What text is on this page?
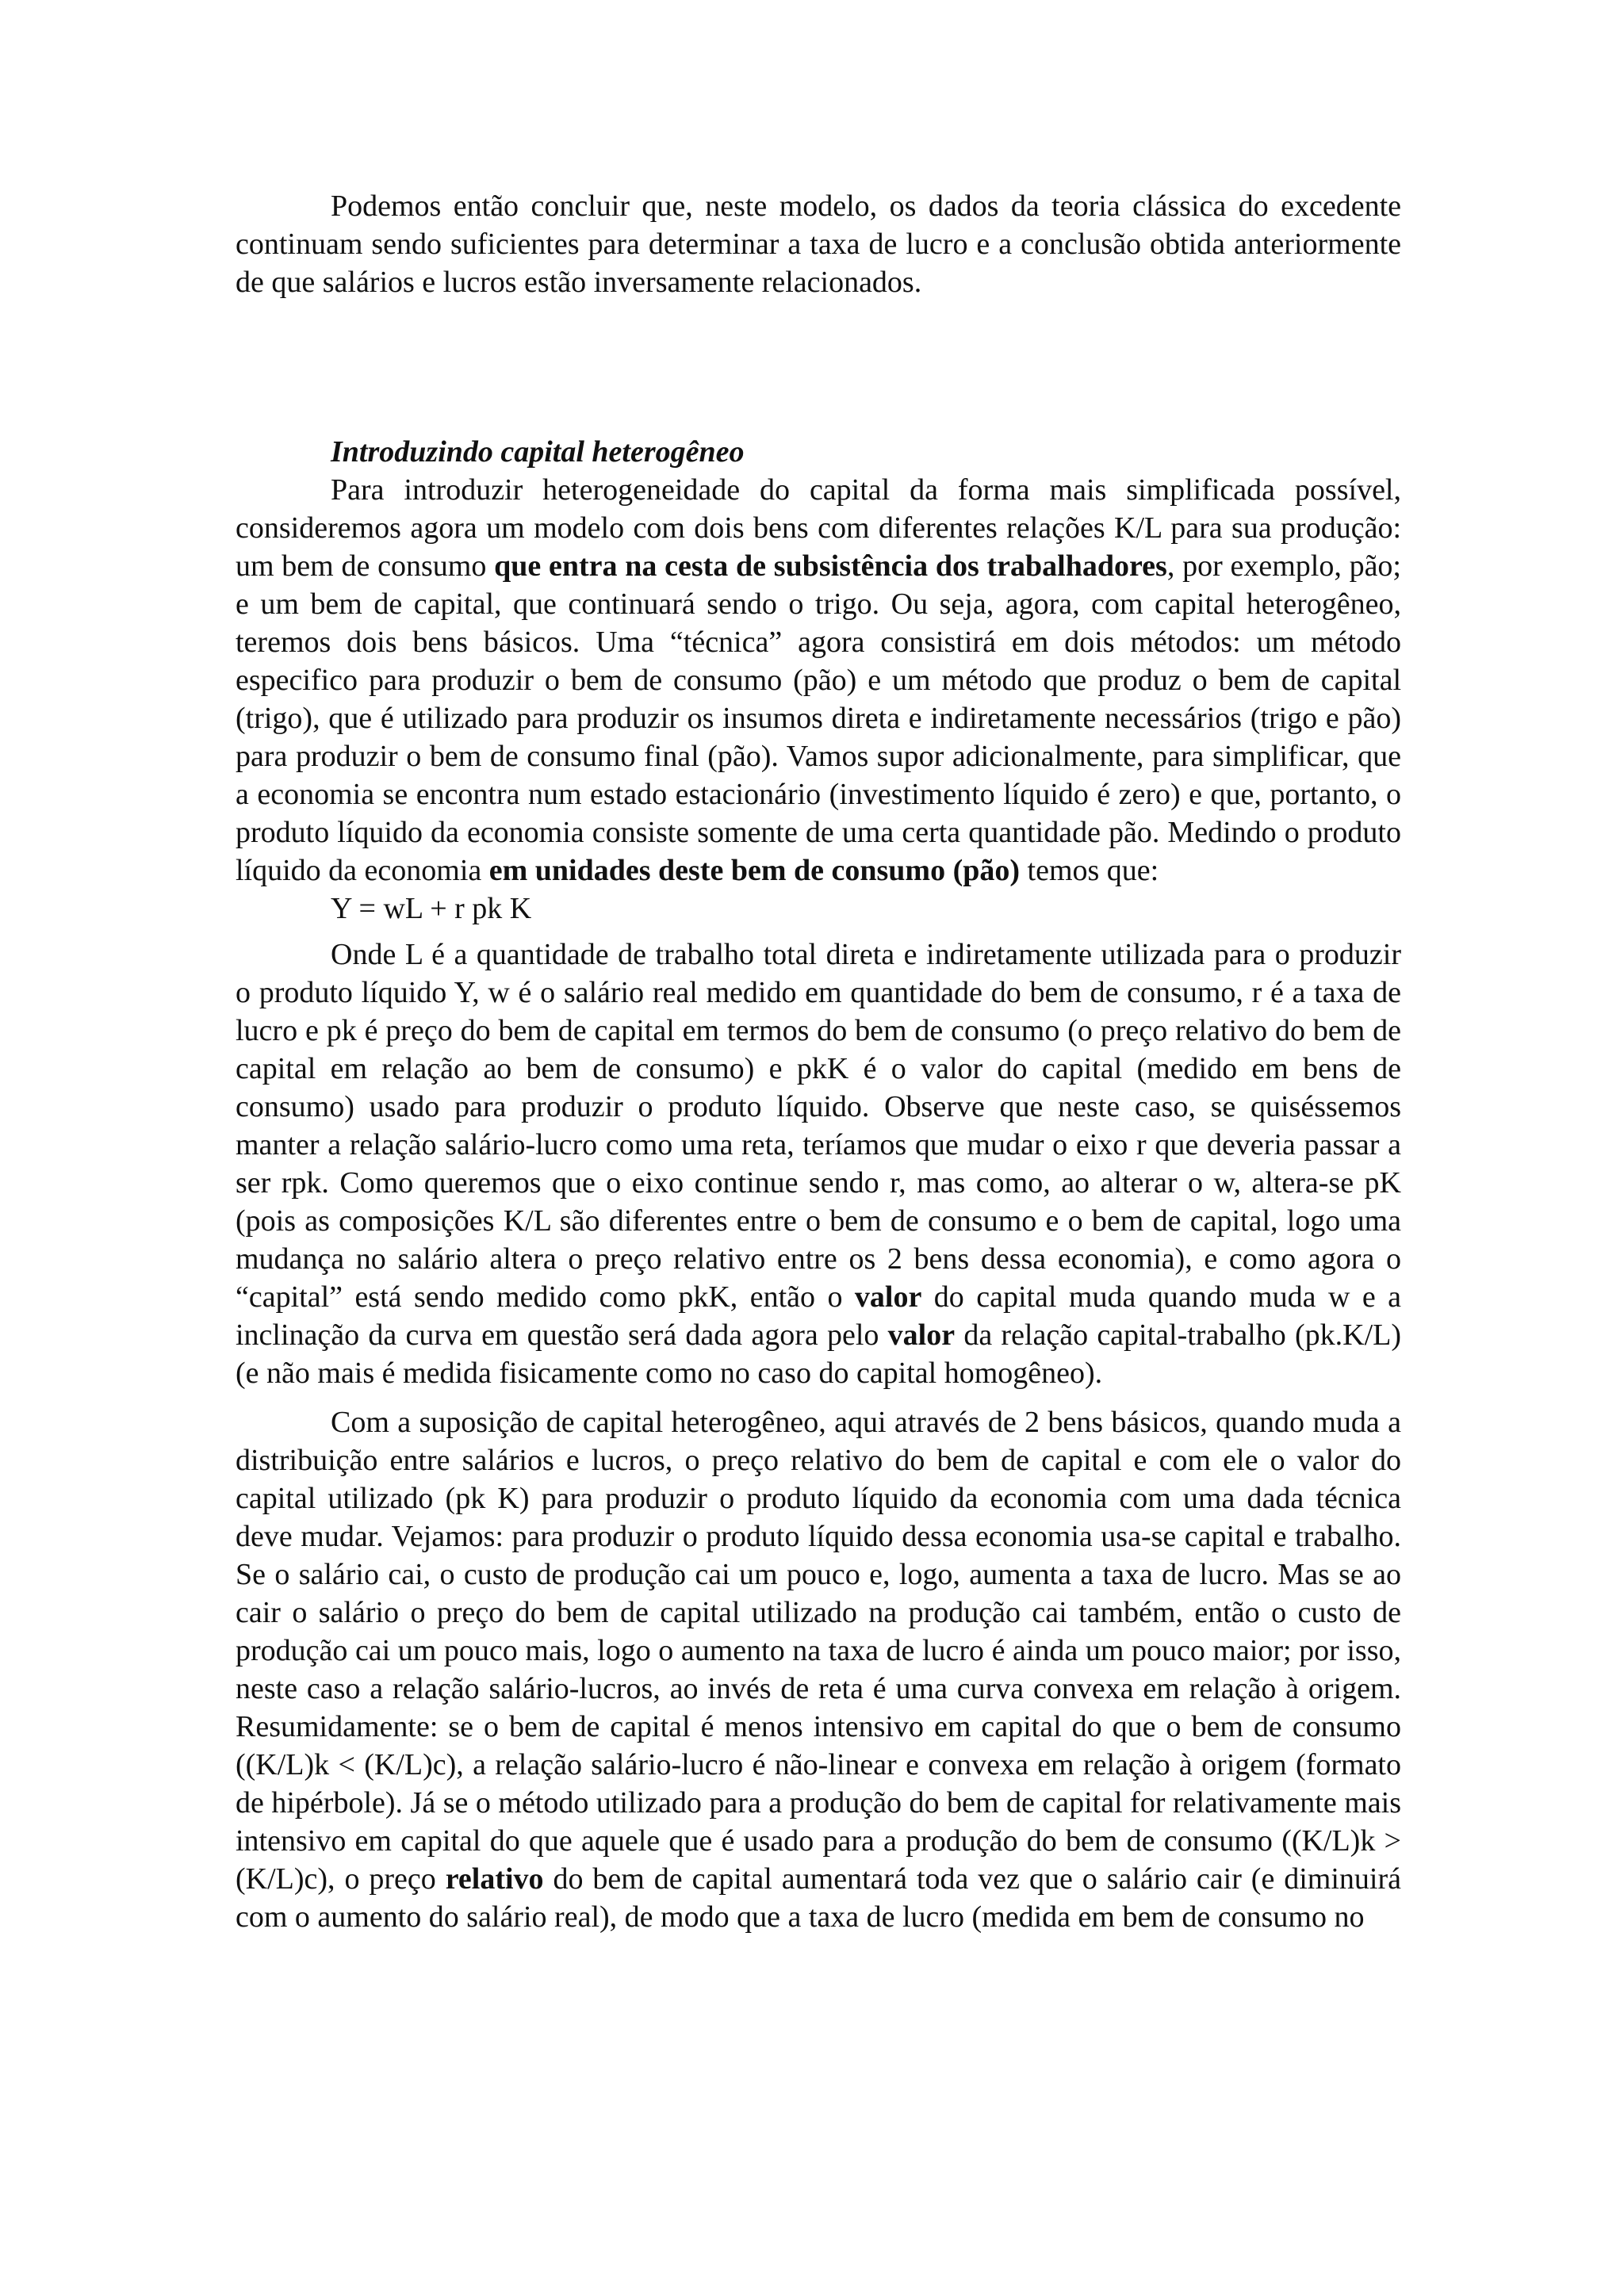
Podemos então concluir que, neste modelo, os dados da teoria clássica do excedente continuam sendo suficientes para determinar a taxa de lucro e a conclusão obtida anteriormente de que salários e lucros estão inversamente relacionados.

Introduzindo capital heterogêneo

Para introduzir heterogeneidade do capital da forma mais simplificada possível, consideremos agora um modelo com dois bens com diferentes relações K/L para sua produção: um bem de consumo que entra na cesta de subsistência dos trabalhadores, por exemplo, pão; e um bem de capital, que continuará sendo o trigo. Ou seja, agora, com capital heterogêneo, teremos dois bens básicos. Uma “técnica” agora consistirá em dois métodos: um método especifico para produzir o bem de consumo (pão) e um método que produz o bem de capital (trigo), que é utilizado para produzir os insumos direta e indiretamente necessários (trigo e pão) para produzir o bem de consumo final (pão). Vamos supor adicionalmente, para simplificar, que a economia se encontra num estado estacionário (investimento líquido é zero) e que, portanto, o produto líquido da economia consiste somente de uma certa quantidade pão. Medindo o produto líquido da economia em unidades deste bem de consumo (pão) temos que:

Y = wL + r pk K

Onde L é a quantidade de trabalho total direta e indiretamente utilizada para o produzir o produto líquido Y, w é o salário real medido em quantidade do bem de consumo, r é a taxa de lucro e pk é preço do bem de capital em termos do bem de consumo (o preço relativo do bem de capital em relação ao bem de consumo) e pkK é o valor do capital (medido em bens de consumo) usado para produzir o produto líquido. Observe que neste caso, se quiséssemos manter a relação salário-lucro como uma reta, teríamos que mudar o eixo r que deveria passar a ser rpk. Como queremos que o eixo continue sendo r, mas como, ao alterar o w, altera-se pK (pois as composições K/L são diferentes entre o bem de consumo e o bem de capital, logo uma mudança no salário altera o preço relativo entre os 2 bens dessa economia), e como agora o “capital” está sendo medido como pkK, então o valor do capital muda quando muda w e a inclinação da curva em questão será dada agora pelo valor da relação capital-trabalho (pk.K/L) (e não mais é medida fisicamente como no caso do capital homogêneo).

Com a suposição de capital heterogêneo, aqui através de 2 bens básicos, quando muda a distribuição entre salários e lucros, o preço relativo do bem de capital e com ele o valor do capital utilizado (pk K) para produzir o produto líquido da economia com uma dada técnica deve mudar. Vejamos: para produzir o produto líquido dessa economia usa-se capital e trabalho. Se o salário cai, o custo de produção cai um pouco e, logo, aumenta a taxa de lucro. Mas se ao cair o salário o preço do bem de capital utilizado na produção cai também, então o custo de produção cai um pouco mais, logo o aumento na taxa de lucro é ainda um pouco maior; por isso, neste caso a relação salário-lucros, ao invés de reta é uma curva convexa em relação à origem. Resumidamente: se o bem de capital é menos intensivo em capital do que o bem de consumo ((K/L)k < (K/L)c), a relação salário-lucro é não-linear e convexa em relação à origem (formato de hipérbole). Já se o método utilizado para a produção do bem de capital for relativamente mais intensivo em capital do que aquele que é usado para a produção do bem de consumo ((K/L)k > (K/L)c), o preço relativo do bem de capital aumentará toda vez que o salário cair (e diminuirá com o aumento do salário real), de modo que a taxa de lucro (medida em bem de consumo no
